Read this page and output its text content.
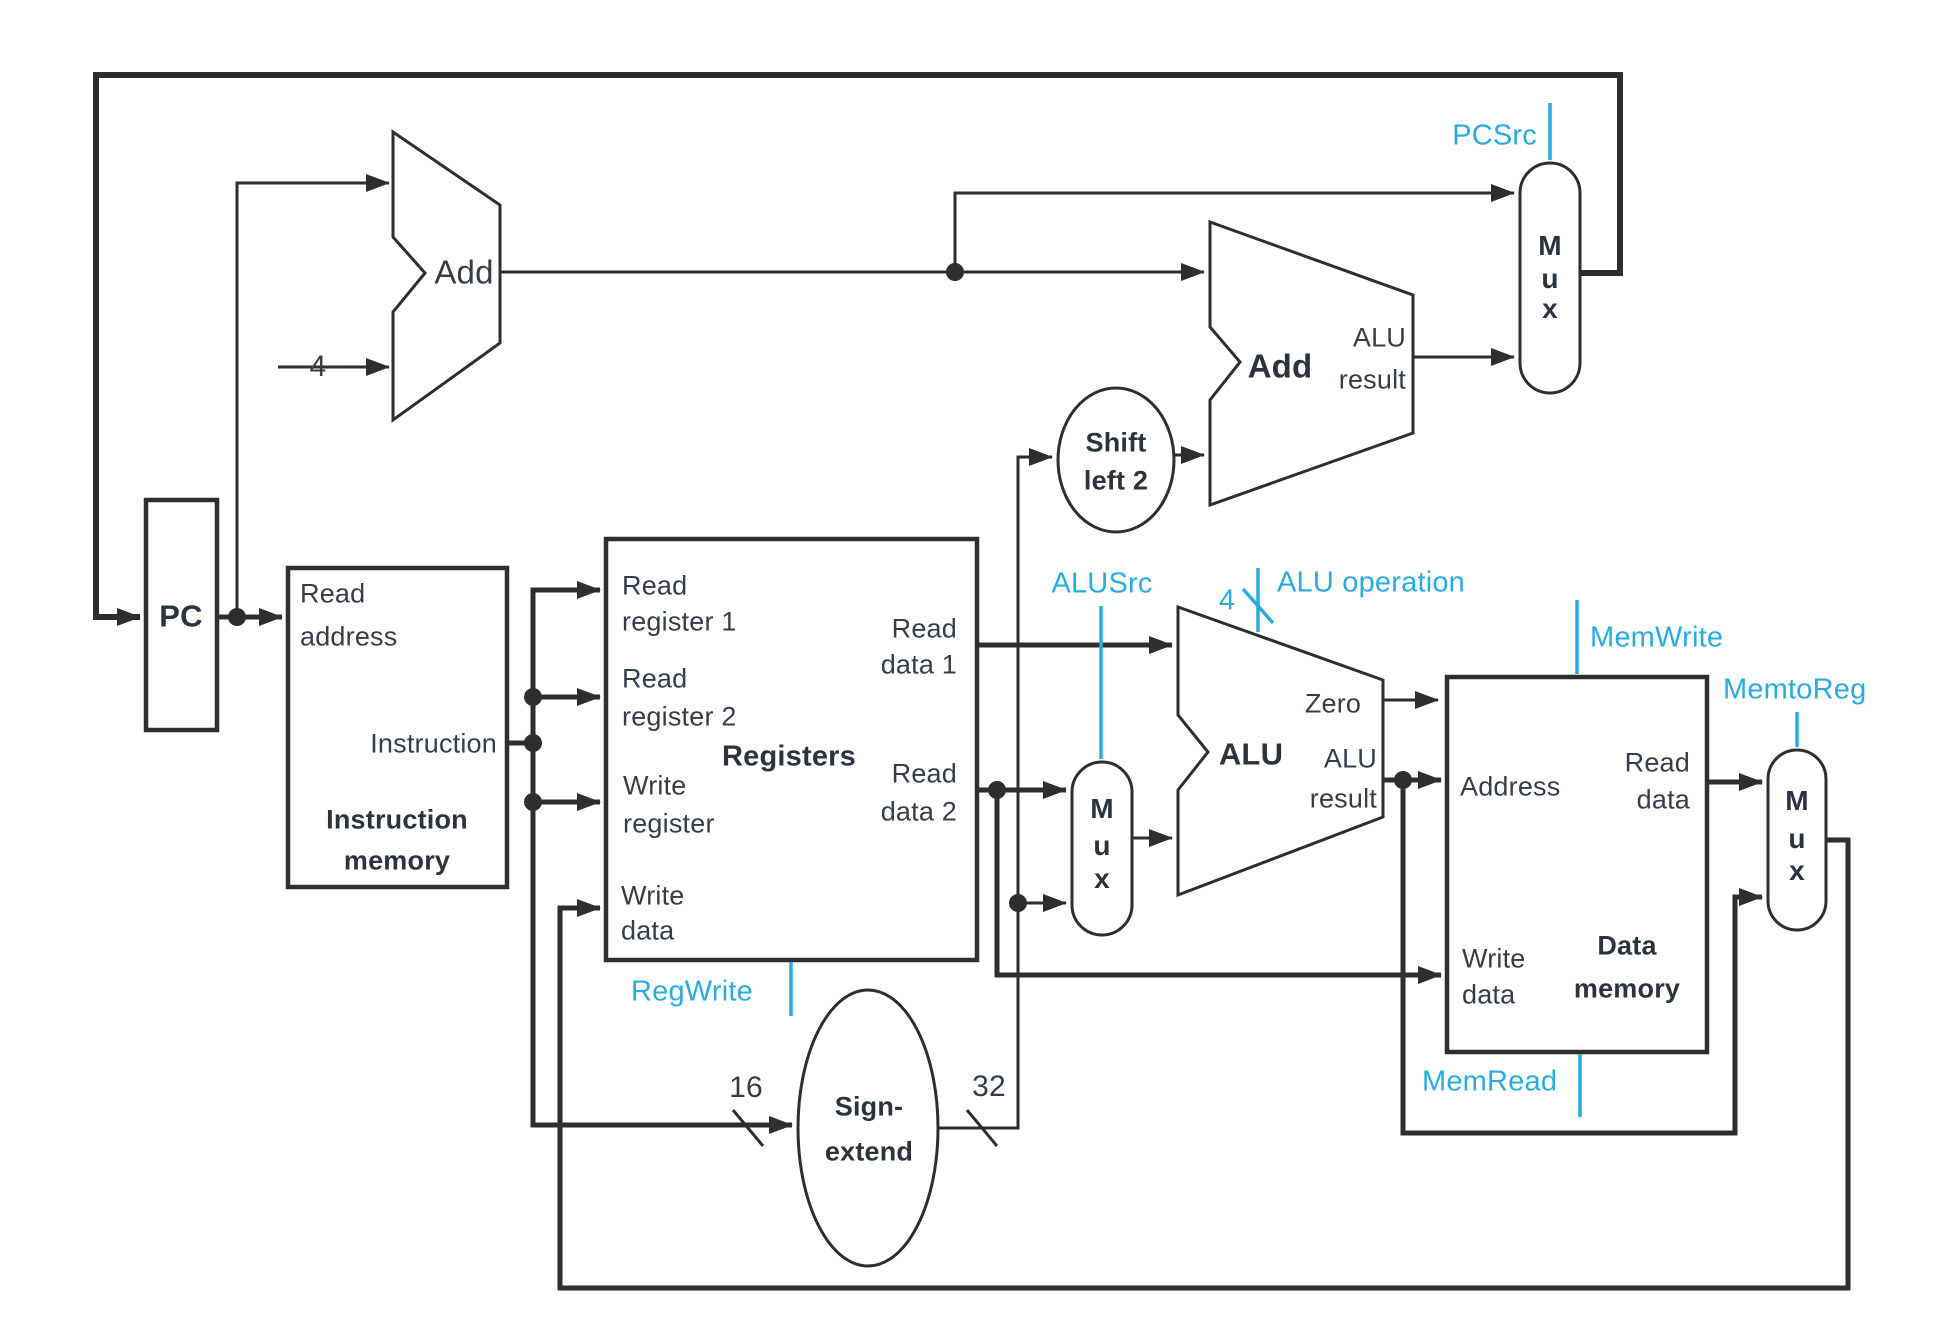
PC
Add
4
Read
address
Instruction
Instruction
memory
Read
register 1
Read
register 2
Write
register
Write
data
Registers
Read
data 1
Read
data 2
Shift
left 2
Sign-
extend
16	32
Add
ALU
result
ALU
Zero
ALU
result	Address
Read
data
Write
data
Data
memory
M
u
x
M
u
x
M
u
x
PCSrc
ALUSrc
4
ALU operation
MemWrite
MemtoReg
MemRead
RegWrite
